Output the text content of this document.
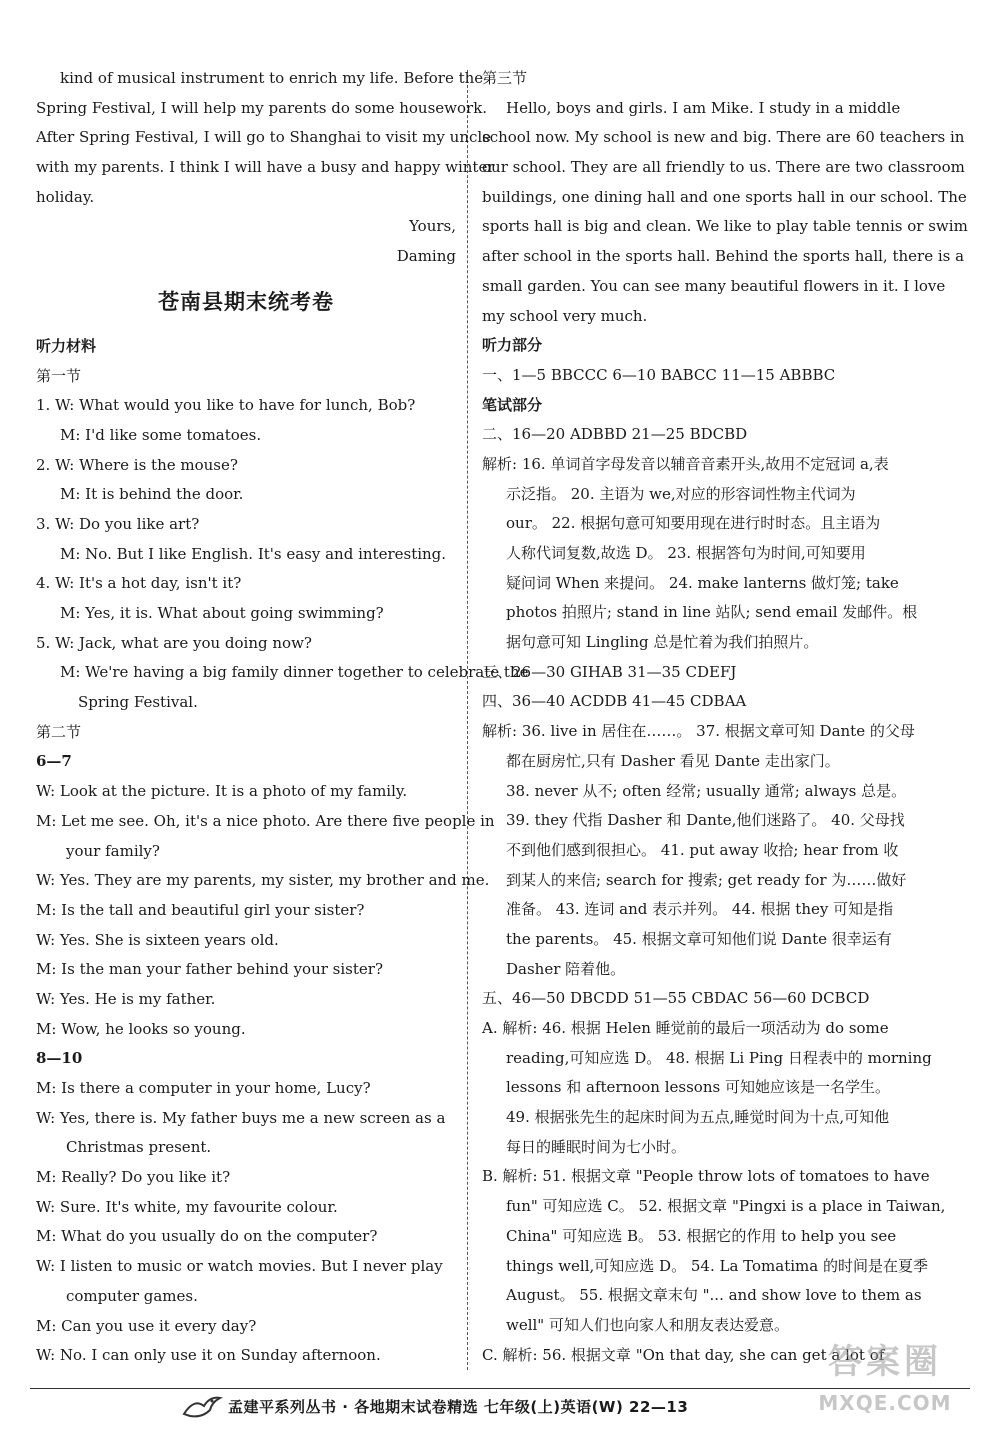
kind of musical instrument to enrich my life. Before the
Spring Festival, I will help my parents do some housework.
After Spring Festival, I will go to Shanghai to visit my uncle
with my parents. I think I will have a busy and happy winter
holiday.
Yours,
Daming
苍南县期末统考卷
听力材料
第一节
1. W: What would you like to have for lunch, Bob?
M: I'd like some tomatoes.
2. W: Where is the mouse?
M: It is behind the door.
3. W: Do you like art?
M: No. But I like English. It's easy and interesting.
4. W: It's a hot day, isn't it?
M: Yes, it is. What about going swimming?
5. W: Jack, what are you doing now?
M: We're having a big family dinner together to celebrate the
Spring Festival.
第二节
6—7
W: Look at the picture. It is a photo of my family.
M: Let me see. Oh, it's a nice photo. Are there five people in
your family?
W: Yes. They are my parents, my sister, my brother and me.
M: Is the tall and beautiful girl your sister?
W: Yes. She is sixteen years old.
M: Is the man your father behind your sister?
W: Yes. He is my father.
M: Wow, he looks so young.
8—10
M: Is there a computer in your home, Lucy?
W: Yes, there is. My father buys me a new screen as a
Christmas present.
M: Really? Do you like it?
W: Sure. It's white, my favourite colour.
M: What do you usually do on the computer?
W: I listen to music or watch movies. But I never play
computer games.
M: Can you use it every day?
W: No. I can only use it on Sunday afternoon.
第三节
Hello, boys and girls. I am Mike. I study in a middle
school now. My school is new and big. There are 60 teachers in
our school. They are all friendly to us. There are two classroom
buildings, one dining hall and one sports hall in our school. The
sports hall is big and clean. We like to play table tennis or swim
after school in the sports hall. Behind the sports hall, there is a
small garden. You can see many beautiful flowers in it. I love
my school very much.
听力部分
一、1—5 BBCCC 6—10 BABCC 11—15 ABBBC
笔试部分
二、16—20 ADBBD 21—25 BDCBD
解析: 16. 单词首字母发音以辅音音素开头,故用不定冠词 a,表
示泛指。 20. 主语为 we,对应的形容词性物主代词为
our。 22. 根据句意可知要用现在进行时时态。且主语为
人称代词复数,故选 D。 23. 根据答句为时间,可知要用
疑问词 When 来提问。 24. make lanterns 做灯笼; take
photos 拍照片; stand in line 站队; send email 发邮件。根
据句意可知 Lingling 总是忙着为我们拍照片。
三、26—30 GIHAB 31—35 CDEFJ
四、36—40 ACDDB 41—45 CDBAA
解析: 36. live in 居住在……。 37. 根据文章可知 Dante 的父母
都在厨房忙,只有 Dasher 看见 Dante 走出家门。
38. never 从不; often 经常; usually 通常; always 总是。
39. they 代指 Dasher 和 Dante,他们迷路了。 40. 父母找
不到他们感到很担心。 41. put away 收拾; hear from 收
到某人的来信; search for 搜索; get ready for 为……做好
准备。 43. 连词 and 表示并列。 44. 根据 they 可知是指
the parents。 45. 根据文章可知他们说 Dante 很幸运有
Dasher 陪着他。
五、46—50 DBCDD 51—55 CBDAC 56—60 DCBCD
A. 解析: 46. 根据 Helen 睡觉前的最后一项活动为 do some
reading,可知应选 D。 48. 根据 Li Ping 日程表中的 morning
lessons 和 afternoon lessons 可知她应该是一名学生。
49. 根据张先生的起床时间为五点,睡觉时间为十点,可知他
每日的睡眠时间为七小时。
B. 解析: 51. 根据文章 "People throw lots of tomatoes to have
fun" 可知应选 C。 52. 根据文章 "Pingxi is a place in Taiwan,
China" 可知应选 B。 53. 根据它的作用 to help you see
things well,可知应选 D。 54. La Tomatima 的时间是在夏季
August。 55. 根据文章末句 "... and show love to them as
well" 可知人们也向家人和朋友表达爱意。
C. 解析: 56. 根据文章 "On that day, she can get a lot of
孟建平系列丛书 · 各地期末试卷精选 七年级(上)英语(W) 22—13
答案圈
MXQE.COM
